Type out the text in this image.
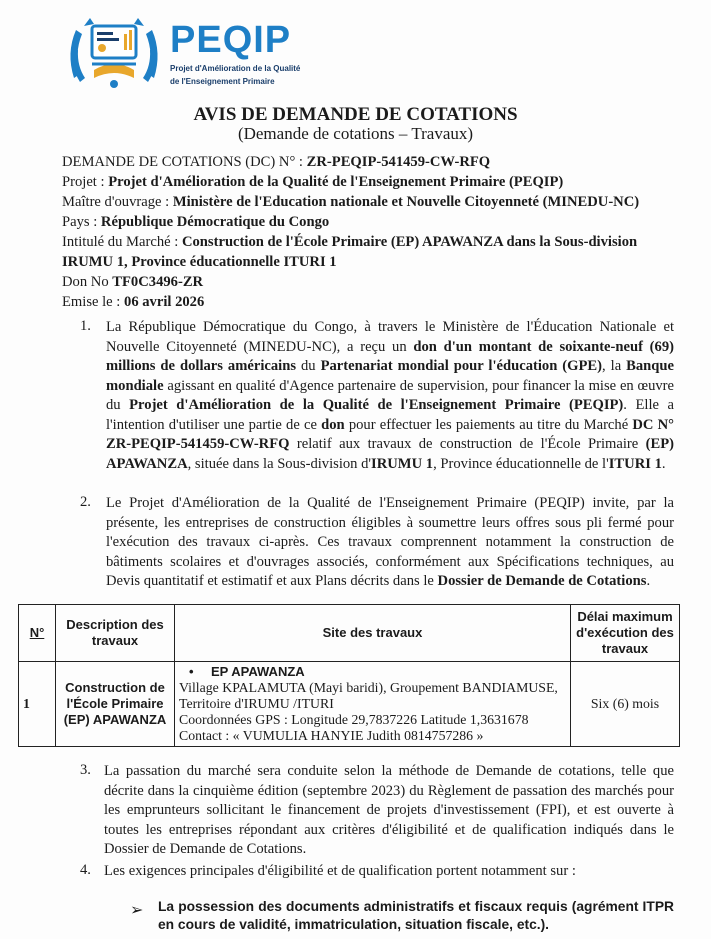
PEQIP
Projet d'Amélioration de la Qualité
de l'Enseignement Primaire
AVIS DE DEMANDE DE COTATIONS
(Demande de cotations – Travaux)
DEMANDE DE COTATIONS (DC) N° : ZR-PEQIP-541459-CW-RFQ
Projet : Projet d'Amélioration de la Qualité de l'Enseignement Primaire (PEQIP)
Maître d'ouvrage : Ministère de l'Education nationale et Nouvelle Citoyenneté (MINEDU-NC)
Pays : République Démocratique du Congo
Intitulé du Marché : Construction de l'École Primaire (EP) APAWANZA dans la Sous-division
IRUMU 1, Province éducationnelle ITURI 1
Don No TF0C3496-ZR
Emise le : 06 avril 2026
1. La République Démocratique du Congo, à travers le Ministère de l'Éducation Nationale et Nouvelle Citoyenneté (MINEDU-NC), a reçu un don d'un montant de soixante-neuf (69) millions de dollars américains du Partenariat mondial pour l'éducation (GPE), la Banque mondiale agissant en qualité d'Agence partenaire de supervision, pour financer la mise en œuvre du Projet d'Amélioration de la Qualité de l'Enseignement Primaire (PEQIP). Elle a l'intention d'utiliser une partie de ce don pour effectuer les paiements au titre du Marché DC N° ZR-PEQIP-541459-CW-RFQ relatif aux travaux de construction de l'École Primaire (EP) APAWANZA, située dans la Sous-division d'IRUMU 1, Province éducationnelle de l'ITURI 1.
2. Le Projet d'Amélioration de la Qualité de l'Enseignement Primaire (PEQIP) invite, par la présente, les entreprises de construction éligibles à soumettre leurs offres sous pli fermé pour l'exécution des travaux ci-après. Ces travaux comprennent notamment la construction de bâtiments scolaires et d'ouvrages associés, conformément aux Spécifications techniques, au Devis quantitatif et estimatif et aux Plans décrits dans le Dossier de Demande de Cotations.
N°	Description des travaux	Site des travaux	Délai maximum d'exécution des travaux
1	Construction de l'École Primaire (EP) APAWANZA	• EP APAWANZA
Village KPALAMUTA (Mayi baridi), Groupement BANDIAMUSE, Territoire d'IRUMU /ITURI
Coordonnées GPS : Longitude 29,7837226 Latitude 1,3631678
Contact : « VUMULIA HANYIE Judith 0814757286 »	Six (6) mois
3. La passation du marché sera conduite selon la méthode de Demande de cotations, telle que décrite dans la cinquième édition (septembre 2023) du Règlement de passation des marchés pour les emprunteurs sollicitant le financement de projets d'investissement (FPI), et est ouverte à toutes les entreprises répondant aux critères d'éligibilité et de qualification indiqués dans le Dossier de Demande de Cotations.
4. Les exigences principales d'éligibilité et de qualification portent notamment sur :
➢ La possession des documents administratifs et fiscaux requis (agrément ITPR en cours de validité, immatriculation, situation fiscale, etc.).
